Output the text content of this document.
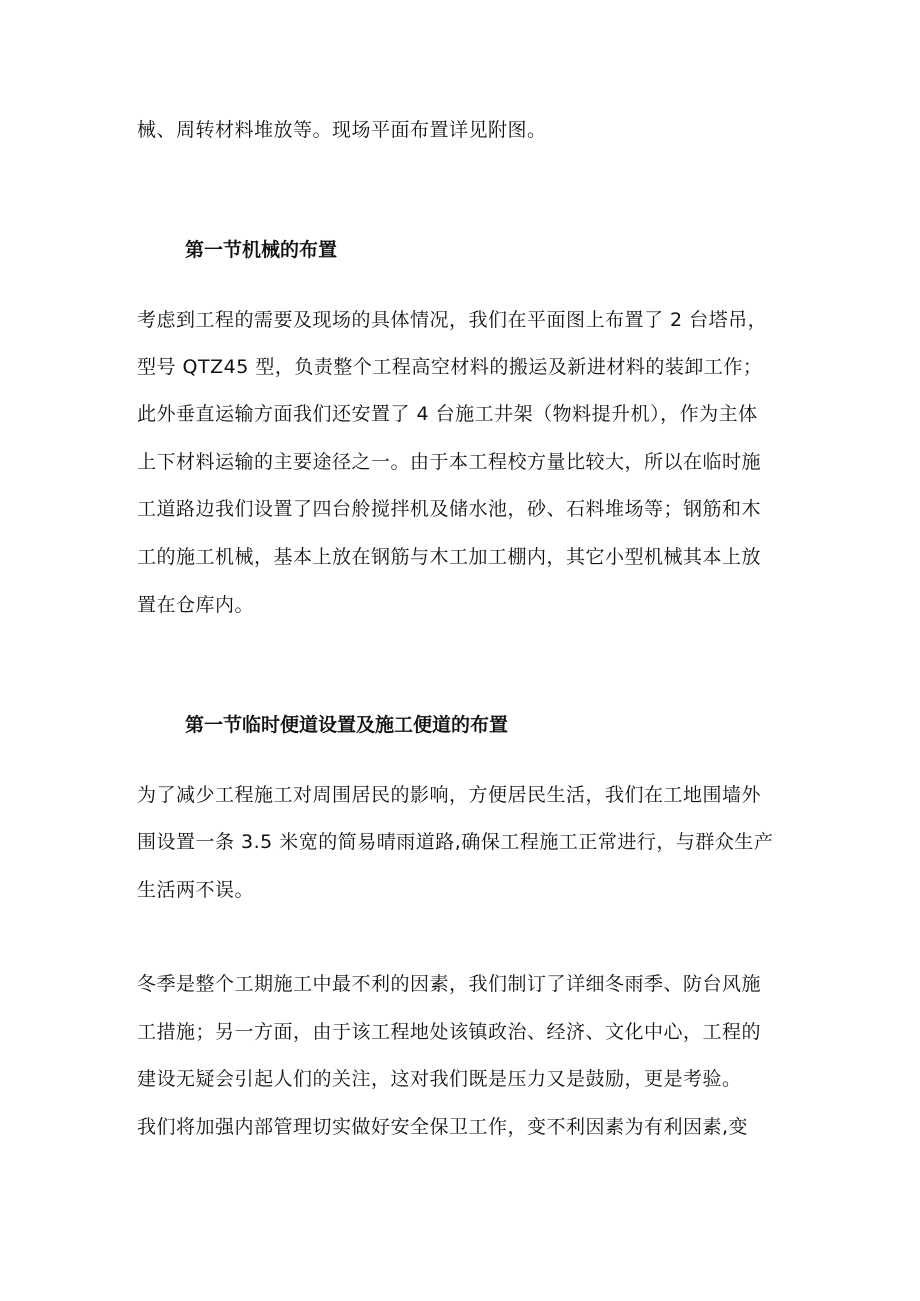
械、周转材料堆放等。现场平面布置详见附图。
第一节机械的布置
考虑到工程的需要及现场的具体情况，我们在平面图上布置了 2 台塔吊，
型号 QTZ45 型，负责整个工程高空材料的搬运及新进材料的装卸工作；
此外垂直运输方面我们还安置了 4 台施工井架（物料提升机），作为主体
上下材料运输的主要途径之一。由于本工程校方量比较大，所以在临时施
工道路边我们设置了四台舲搅拌机及储水池，砂、石料堆场等；钢筋和木
工的施工机械，基本上放在钢筋与木工加工棚内，其它小型机械其本上放
置在仓库内。
第一节临时便道设置及施工便道的布置
为了减少工程施工对周围居民的影响，方便居民生活，我们在工地围墙外
围设置一条 3.5 米宽的简易晴雨道路,确保工程施工正常进行，与群众生产
生活两不误。
冬季是整个工期施工中最不利的因素，我们制订了详细冬雨季、防台风施
工措施；另一方面，由于该工程地处该镇政治、经济、文化中心，工程的
建设无疑会引起人们的关注，这对我们既是压力又是鼓励，更是考验。
我们将加强内部管理切实做好安全保卫工作，变不利因素为有利因素,变
